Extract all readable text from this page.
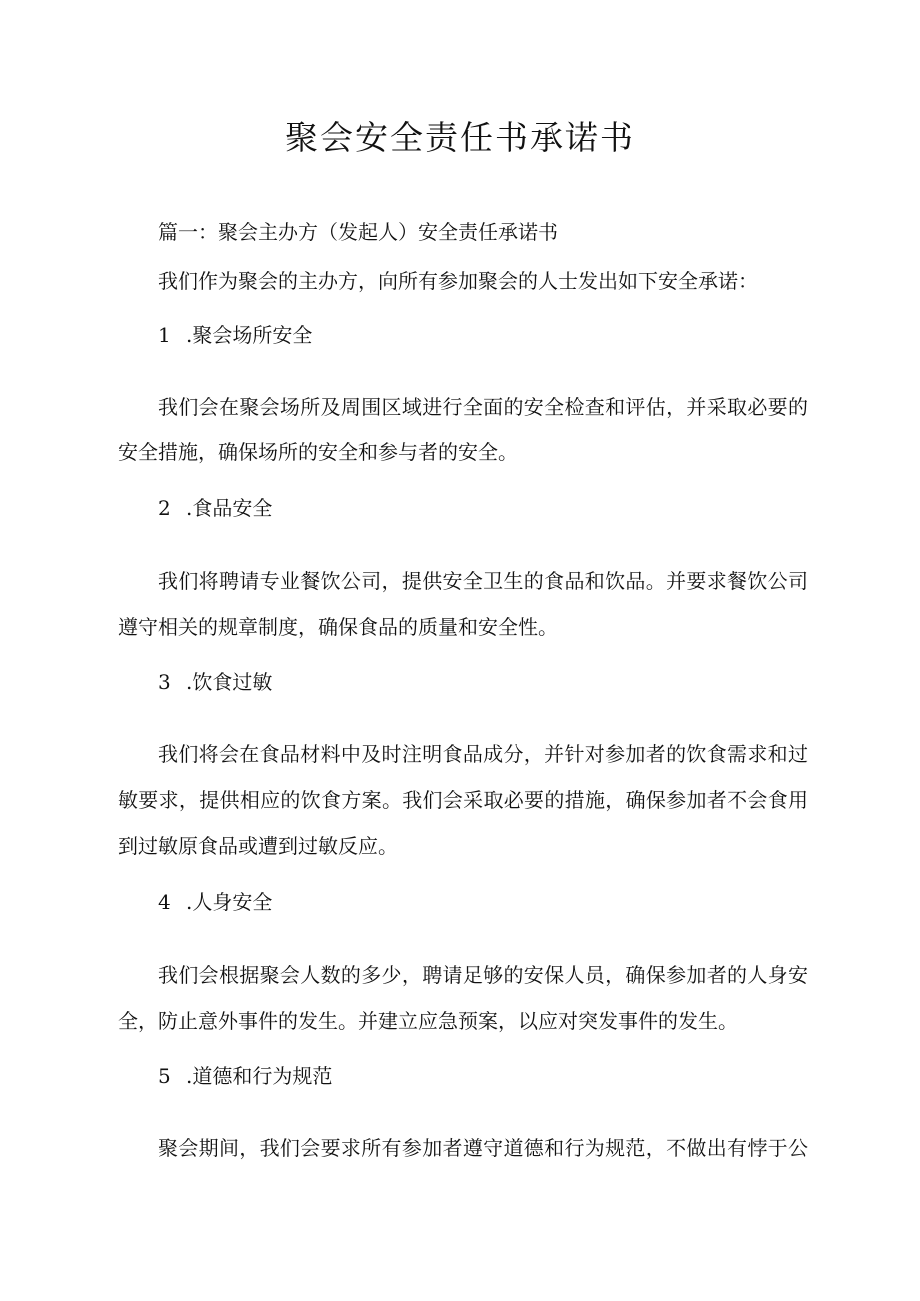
聚会安全责任书承诺书

篇一：聚会主办方（发起人）安全责任承诺书

我们作为聚会的主办方，向所有参加聚会的人士发出如下安全承诺：

1 .聚会场所安全

我们会在聚会场所及周围区域进行全面的安全检查和评估，并采取必要的

安全措施，确保场所的安全和参与者的安全。

2 .食品安全

我们将聘请专业餐饮公司，提供安全卫生的食品和饮品。并要求餐饮公司

遵守相关的规章制度，确保食品的质量和安全性。

3 .饮食过敏

我们将会在食品材料中及时注明食品成分，并针对参加者的饮食需求和过

敏要求，提供相应的饮食方案。我们会采取必要的措施，确保参加者不会食用

到过敏原食品或遭到过敏反应。

4 .人身安全

我们会根据聚会人数的多少，聘请足够的安保人员，确保参加者的人身安

全，防止意外事件的发生。并建立应急预案，以应对突发事件的发生。

5 .道德和行为规范

聚会期间，我们会要求所有参加者遵守道德和行为规范，不做出有悖于公
